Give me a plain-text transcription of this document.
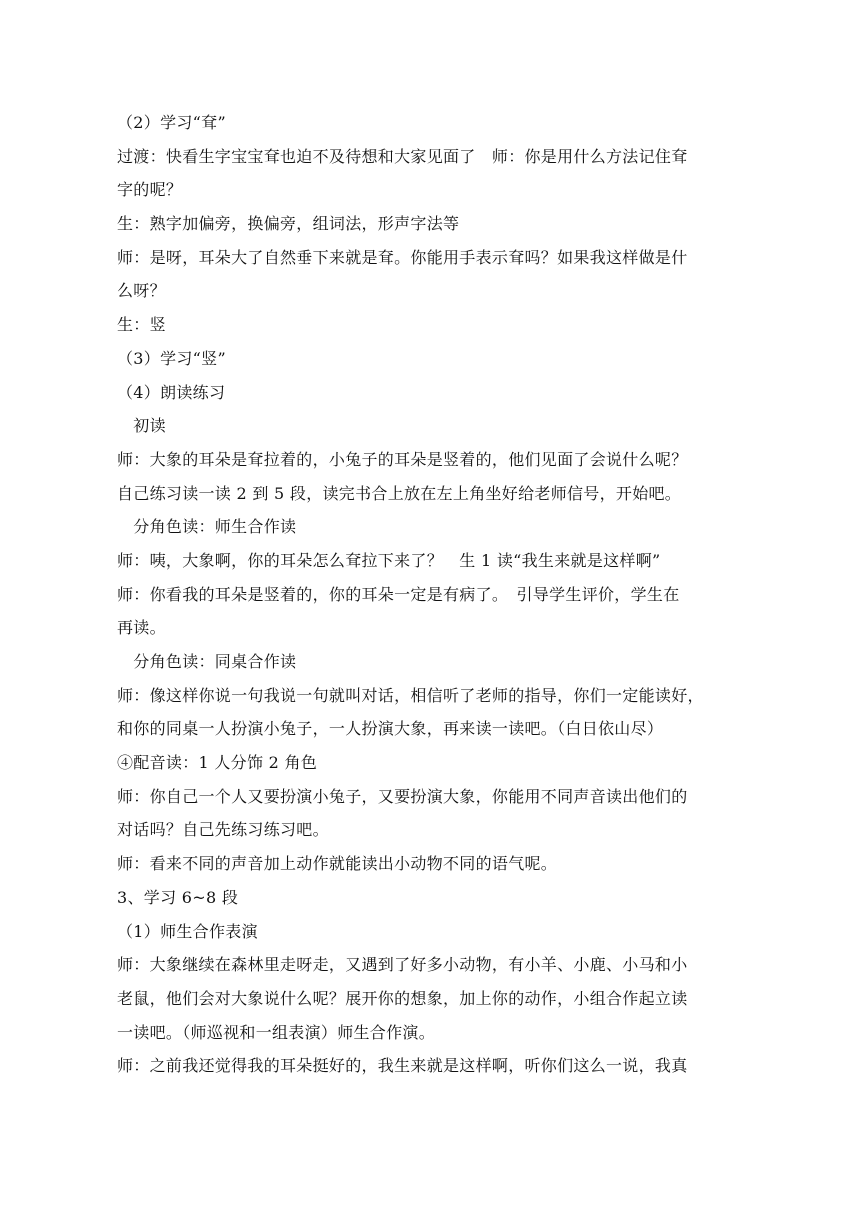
（2）学习“耷”
过渡：快看生字宝宝耷也迫不及待想和大家见面了　师：你是用什么方法记住耷
字的呢？
生：熟字加偏旁，换偏旁，组词法，形声字法等
师：是呀，耳朵大了自然垂下来就是耷。你能用手表示耷吗？如果我这样做是什
么呀？
生：竖
（3）学习“竖”
（4）朗读练习
　初读
师：大象的耳朵是耷拉着的，小兔子的耳朵是竖着的，他们见面了会说什么呢？
自己练习读一读 2 到 5 段，读完书合上放在左上角坐好给老师信号，开始吧。
　分角色读：师生合作读
师：咦，大象啊，你的耳朵怎么耷拉下来了？　生 1 读“我生来就是这样啊”
师：你看我的耳朵是竖着的，你的耳朵一定是有病了。　引导学生评价，学生在
再读。
　分角色读：同桌合作读
师：像这样你说一句我说一句就叫对话，相信听了老师的指导，你们一定能读好，
和你的同桌一人扮演小兔子，一人扮演大象，再来读一读吧。（白日依山尽）
④配音读：1 人分饰 2 角色
师：你自己一个人又要扮演小兔子，又要扮演大象，你能用不同声音读出他们的
对话吗？自己先练习练习吧。
师：看来不同的声音加上动作就能读出小动物不同的语气呢。
3、学习 6~8 段
（1）师生合作表演
师：大象继续在森林里走呀走，又遇到了好多小动物，有小羊、小鹿、小马和小
老鼠，他们会对大象说什么呢？展开你的想象，加上你的动作，小组合作起立读
一读吧。（师巡视和一组表演）师生合作演。
师：之前我还觉得我的耳朵挺好的，我生来就是这样啊，听你们这么一说，我真
